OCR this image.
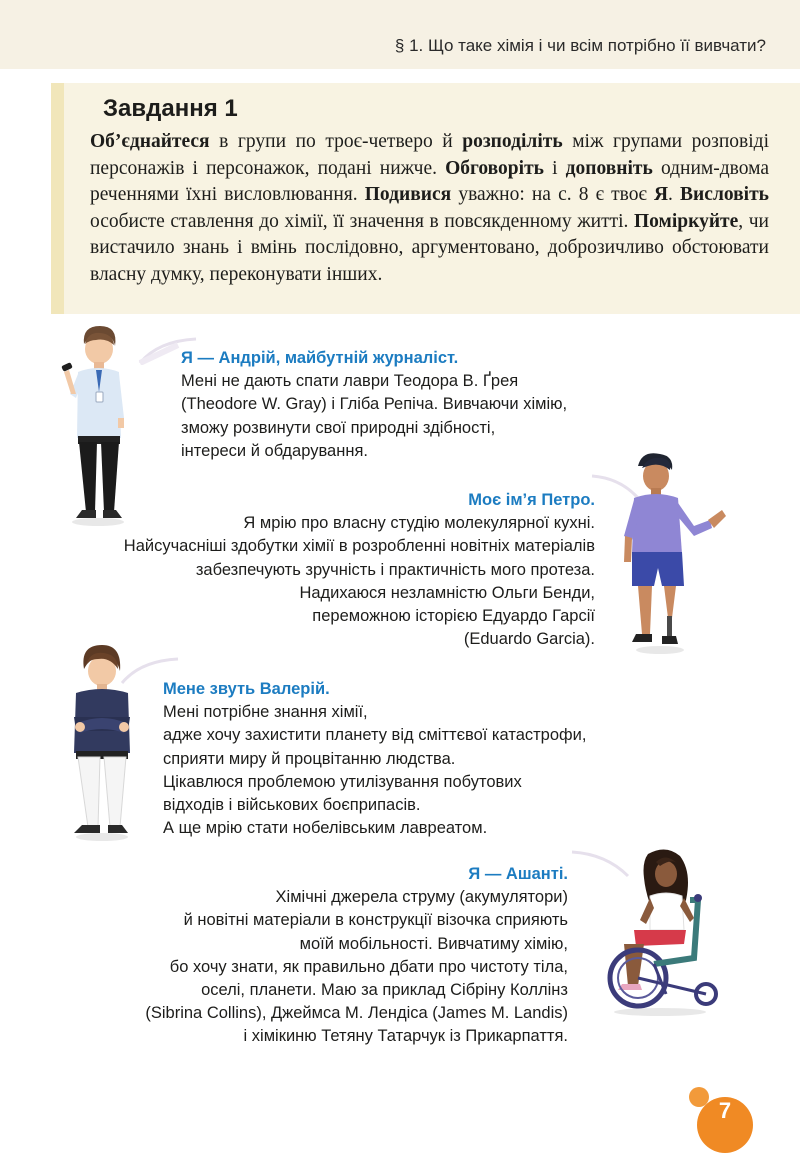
§ 1. Що таке хімія і чи всім потрібно її вивчати?
Завдання 1
Об’єднайтеся в групи по троє-четверо й розподіліть між групами розповіді персонажів і персонажок, подані нижче. Обговоріть і доповніть одним-двома реченнями їхні висловлювання. Подивися уважно: на с. 8 є твоє Я. Висловіть особисте ставлення до хімії, її значення в повсякденному житті. Поміркуйте, чи вистачило знань і вмінь послідовно, аргументовано, доброзичливо обстоювати власну думку, переконувати інших.
Я — Андрій, майбутній журналіст.
Мені не дають спати лаври Теодора В. Ґрея
(Theodore W. Gray) і Гліба Репіча. Вивчаючи хімію,
зможу розвинути свої природні здібності,
інтереси й обдарування.
Моє ім’я Петро.
Я мрію про власну студію молекулярної кухні.
Найсучасніші здобутки хімії в розробленні новітніх матеріалів
забезпечують зручність і практичність мого протеза.
Надихаюся незламністю Ольги Бенди,
переможною історією Едуардо Гарсії
(Eduardo Garcia).
Мене звуть Валерій.
Мені потрібне знання хімії,
адже хочу захистити планету від сміттєвої катастрофи,
сприяти миру й процвітанню людства.
Цікавлюся проблемою утилізування побутових
відходів і військових боєприпасів.
А ще мрію стати нобелівським лавреатом.
Я — Ашанті.
Хімічні джерела струму (акумулятори)
й новітні матеріали в конструкції візочка сприяють
моїй мобільності. Вивчатиму хімію,
бо хочу знати, як правильно дбати про чистоту тіла,
оселі, планети. Маю за приклад Сібріну Коллінз
(Sibrina Collins), Джеймса М. Лендіса (James M. Landis)
і хімікиню Тетяну Татарчук із Прикарпаття.
7
